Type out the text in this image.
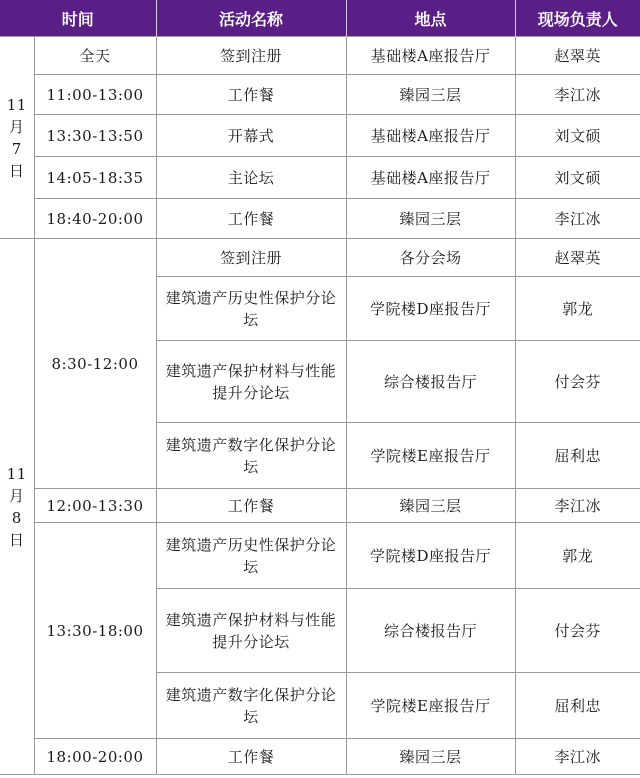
时间		活动名称	地点	现场负责人

11
月
7
日	全天	签到注册	基础楼A座报告厅	赵翠英
	11:00-13:00	工作餐	臻园三层	李江冰
	13:30-13:50	开幕式	基础楼A座报告厅	刘文硕
	14:05-18:35	主论坛	基础楼A座报告厅	刘文硕
	18:40-20:00	工作餐	臻园三层	李江冰

11
月
8
日	8:30-12:00	签到注册	各分会场	赵翠英
		建筑遗产历史性保护分论坛	学院楼D座报告厅	郭龙
		建筑遗产保护材料与性能提升分论坛	综合楼报告厅	付会芬
		建筑遗产数字化保护分论坛	学院楼E座报告厅	屈利忠
	12:00-13:30	工作餐	臻园三层	李江冰
	13:30-18:00	建筑遗产历史性保护分论坛	学院楼D座报告厅	郭龙
		建筑遗产保护材料与性能提升分论坛	综合楼报告厅	付会芬
		建筑遗产数字化保护分论坛	学院楼E座报告厅	屈利忠
	18:00-20:00	工作餐	臻园三层	李江冰
